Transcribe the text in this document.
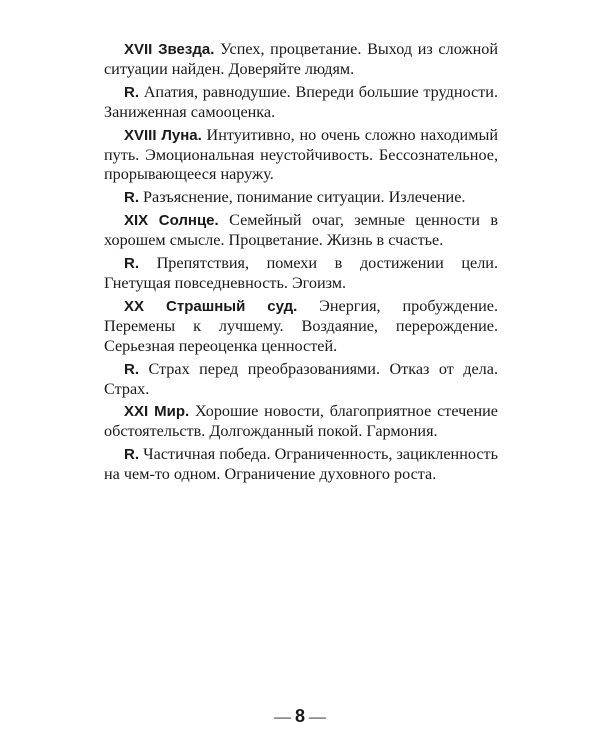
XVII Звезда. Успех, процветание. Выход из сложной ситуации найден. Доверяйте людям.

R. Апатия, равнодушие. Впереди большие трудности. Заниженная самооценка.

XVIII Луна. Интуитивно, но очень сложно находимый путь. Эмоциональная неустойчивость. Бессознательное, прорывающееся наружу.

R. Разъяснение, понимание ситуации. Излечение.

XIX Солнце. Семейный очаг, земные ценности в хорошем смысле. Процветание. Жизнь в счастье.

R. Препятствия, помехи в достижении цели. Гнетущая повседневность. Эгоизм.

XX Страшный суд. Энергия, пробуждение. Перемены к лучшему. Воздаяние, перерождение. Серьезная переоценка ценностей.

R. Страх перед преобразованиями. Отказ от дела. Страх.

XXI Мир. Хорошие новости, благоприятное стечение обстоятельств. Долгожданный покой. Гармония.

R. Частичная победа. Ограниченность, зацикленность на чем-то одном. Ограничение духовного роста.

— 8 —
